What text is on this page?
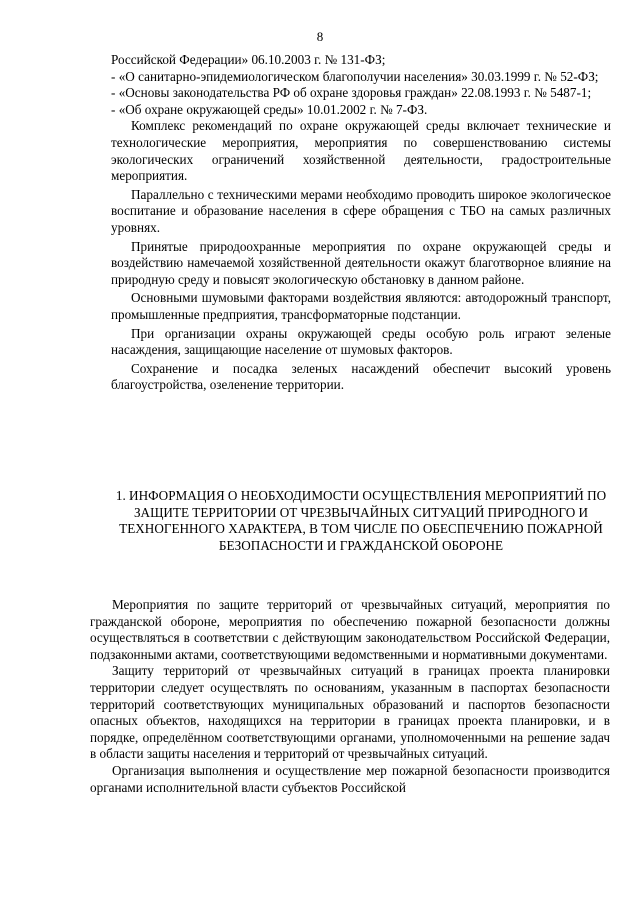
8

Российской Федерации» 06.10.2003 г. № 131-ФЗ;

- «О санитарно-эпидемиологическом благополучии населения» 30.03.1999 г. № 52-ФЗ;

- «Основы законодательства РФ об охране здоровья граждан» 22.08.1993 г. № 5487-1;

- «Об охране окружающей среды» 10.01.2002 г. № 7-ФЗ.

Комплекс рекомендаций по охране окружающей среды включает технические и технологические мероприятия, мероприятия по совершенствованию системы экологических ограничений хозяйственной деятельности, градостроительные мероприятия.

Параллельно с техническими мерами необходимо проводить широкое экологическое воспитание и образование населения в сфере обращения с ТБО на самых различных уровнях.

Принятые природоохранные мероприятия по охране окружающей среды и воздействию намечаемой хозяйственной деятельности окажут благотворное влияние на природную среду и повысят экологическую обстановку в данном районе.

Основными шумовыми факторами воздействия являются: автодорожный транспорт, промышленные предприятия, трансформаторные подстанции.

При организации охраны окружающей среды особую роль играют зеленые насаждения, защищающие население от шумовых факторов.

Сохранение и посадка зеленых насаждений обеспечит высокий уровень благоустройства, озеленение территории.

1. ИНФОРМАЦИЯ О НЕОБХОДИМОСТИ ОСУЩЕСТВЛЕНИЯ МЕРОПРИЯТИЙ ПО ЗАЩИТЕ ТЕРРИТОРИИ ОТ ЧРЕЗВЫЧАЙНЫХ СИТУАЦИЙ ПРИРОДНОГО И ТЕХНОГЕННОГО ХАРАКТЕРА, В ТОМ ЧИСЛЕ ПО ОБЕСПЕЧЕНИЮ ПОЖАРНОЙ БЕЗОПАСНОСТИ И ГРАЖДАНСКОЙ ОБОРОНЕ

Мероприятия по защите территорий от чрезвычайных ситуаций, мероприятия по гражданской обороне, мероприятия по обеспечению пожарной безопасности должны осуществляться в соответствии с действующим законодательством Российской Федерации, подзаконными актами, соответствующими ведомственными и нормативными документами.

Защиту территорий от чрезвычайных ситуаций в границах проекта планировки территории следует осуществлять по основаниям, указанным в паспортах безопасности территорий соответствующих муниципальных образований и паспортов безопасности опасных объектов, находящихся на территории в границах проекта планировки, и в порядке, определённом соответствующими органами, уполномоченными на решение задач в области защиты населения и территорий от чрезвычайных ситуаций.

Организация выполнения и осуществление мер пожарной безопасности производится органами исполнительной власти субъектов Российской
